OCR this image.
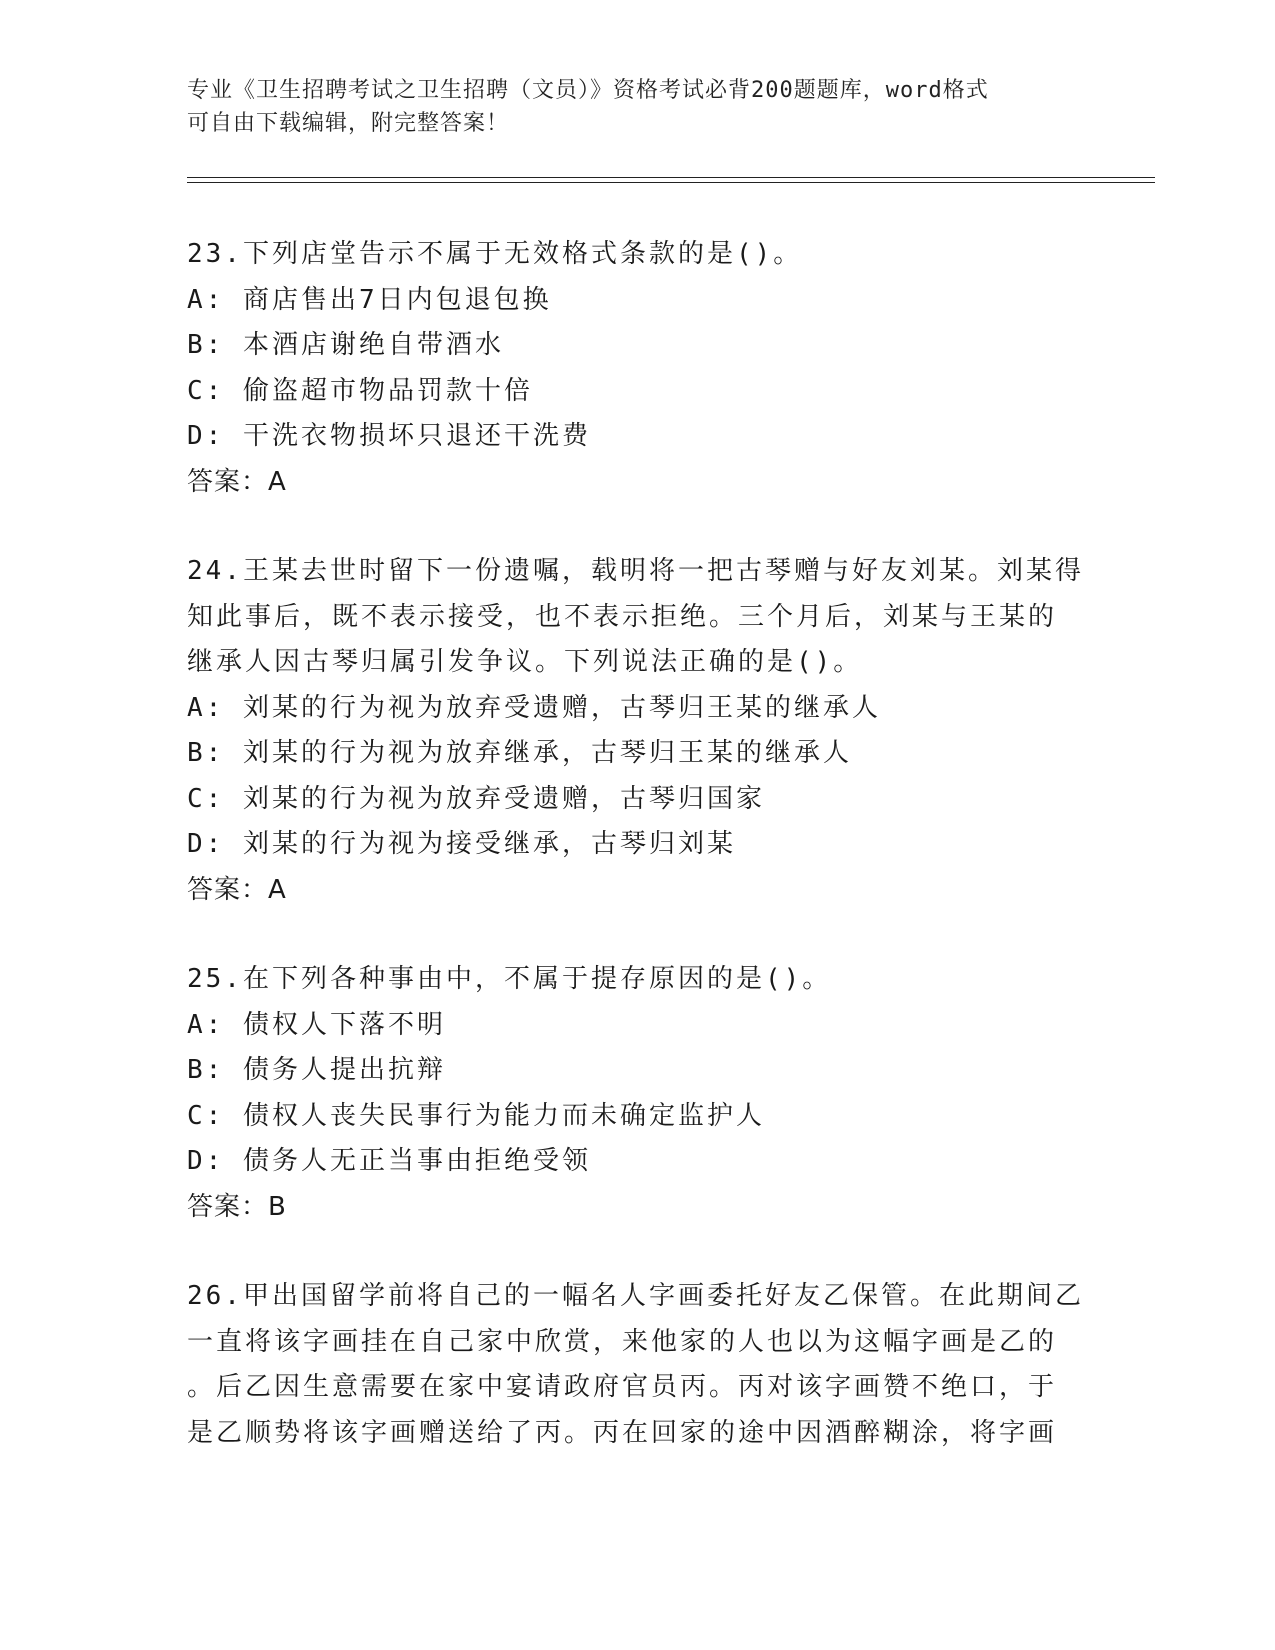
专业《卫生招聘考试之卫生招聘（文员）》资格考试必背200题题库，word格式
可自由下载编辑，附完整答案！
23.下列店堂告示不属于无效格式条款的是()。
A: 商店售出7日内包退包换
B: 本酒店谢绝自带酒水
C: 偷盗超市物品罚款十倍
D: 干洗衣物损坏只退还干洗费
答案：A
24.王某去世时留下一份遗嘱，载明将一把古琴赠与好友刘某。刘某得
知此事后，既不表示接受，也不表示拒绝。三个月后，刘某与王某的
继承人因古琴归属引发争议。下列说法正确的是()。
A: 刘某的行为视为放弃受遗赠，古琴归王某的继承人
B: 刘某的行为视为放弃继承，古琴归王某的继承人
C: 刘某的行为视为放弃受遗赠，古琴归国家
D: 刘某的行为视为接受继承，古琴归刘某
答案：A
25.在下列各种事由中，不属于提存原因的是()。
A: 债权人下落不明
B: 债务人提出抗辩
C: 债权人丧失民事行为能力而未确定监护人
D: 债务人无正当事由拒绝受领
答案：B
26.甲出国留学前将自己的一幅名人字画委托好友乙保管。在此期间乙
一直将该字画挂在自己家中欣赏，来他家的人也以为这幅字画是乙的
。后乙因生意需要在家中宴请政府官员丙。丙对该字画赞不绝口，于
是乙顺势将该字画赠送给了丙。丙在回家的途中因酒醉糊涂，将字画
